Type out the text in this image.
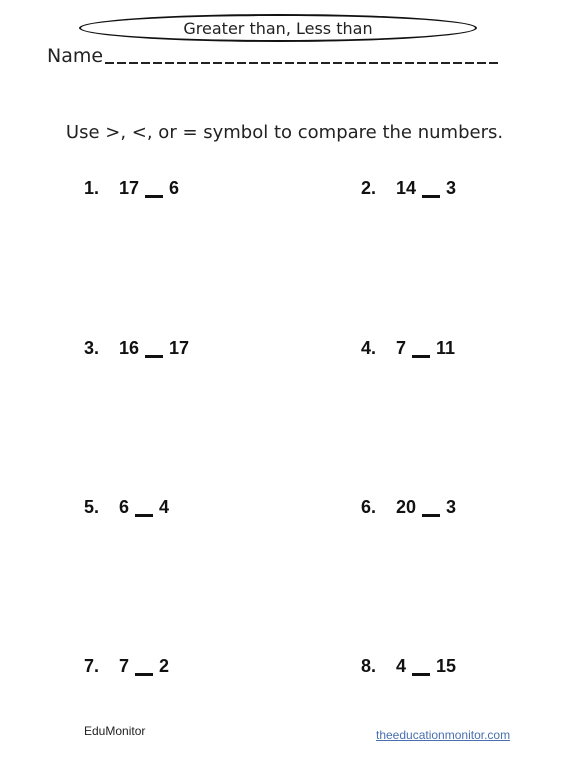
Greater than, Less than
Name
Use >, <, or = symbol to compare the numbers.
1.	17 6	2.	14 3
3.	16 17	4.	7 11
5.	6 4	6.	20 3
7.	7 2	8.	4 15
EduMonitor	theeducationmonitor.com
